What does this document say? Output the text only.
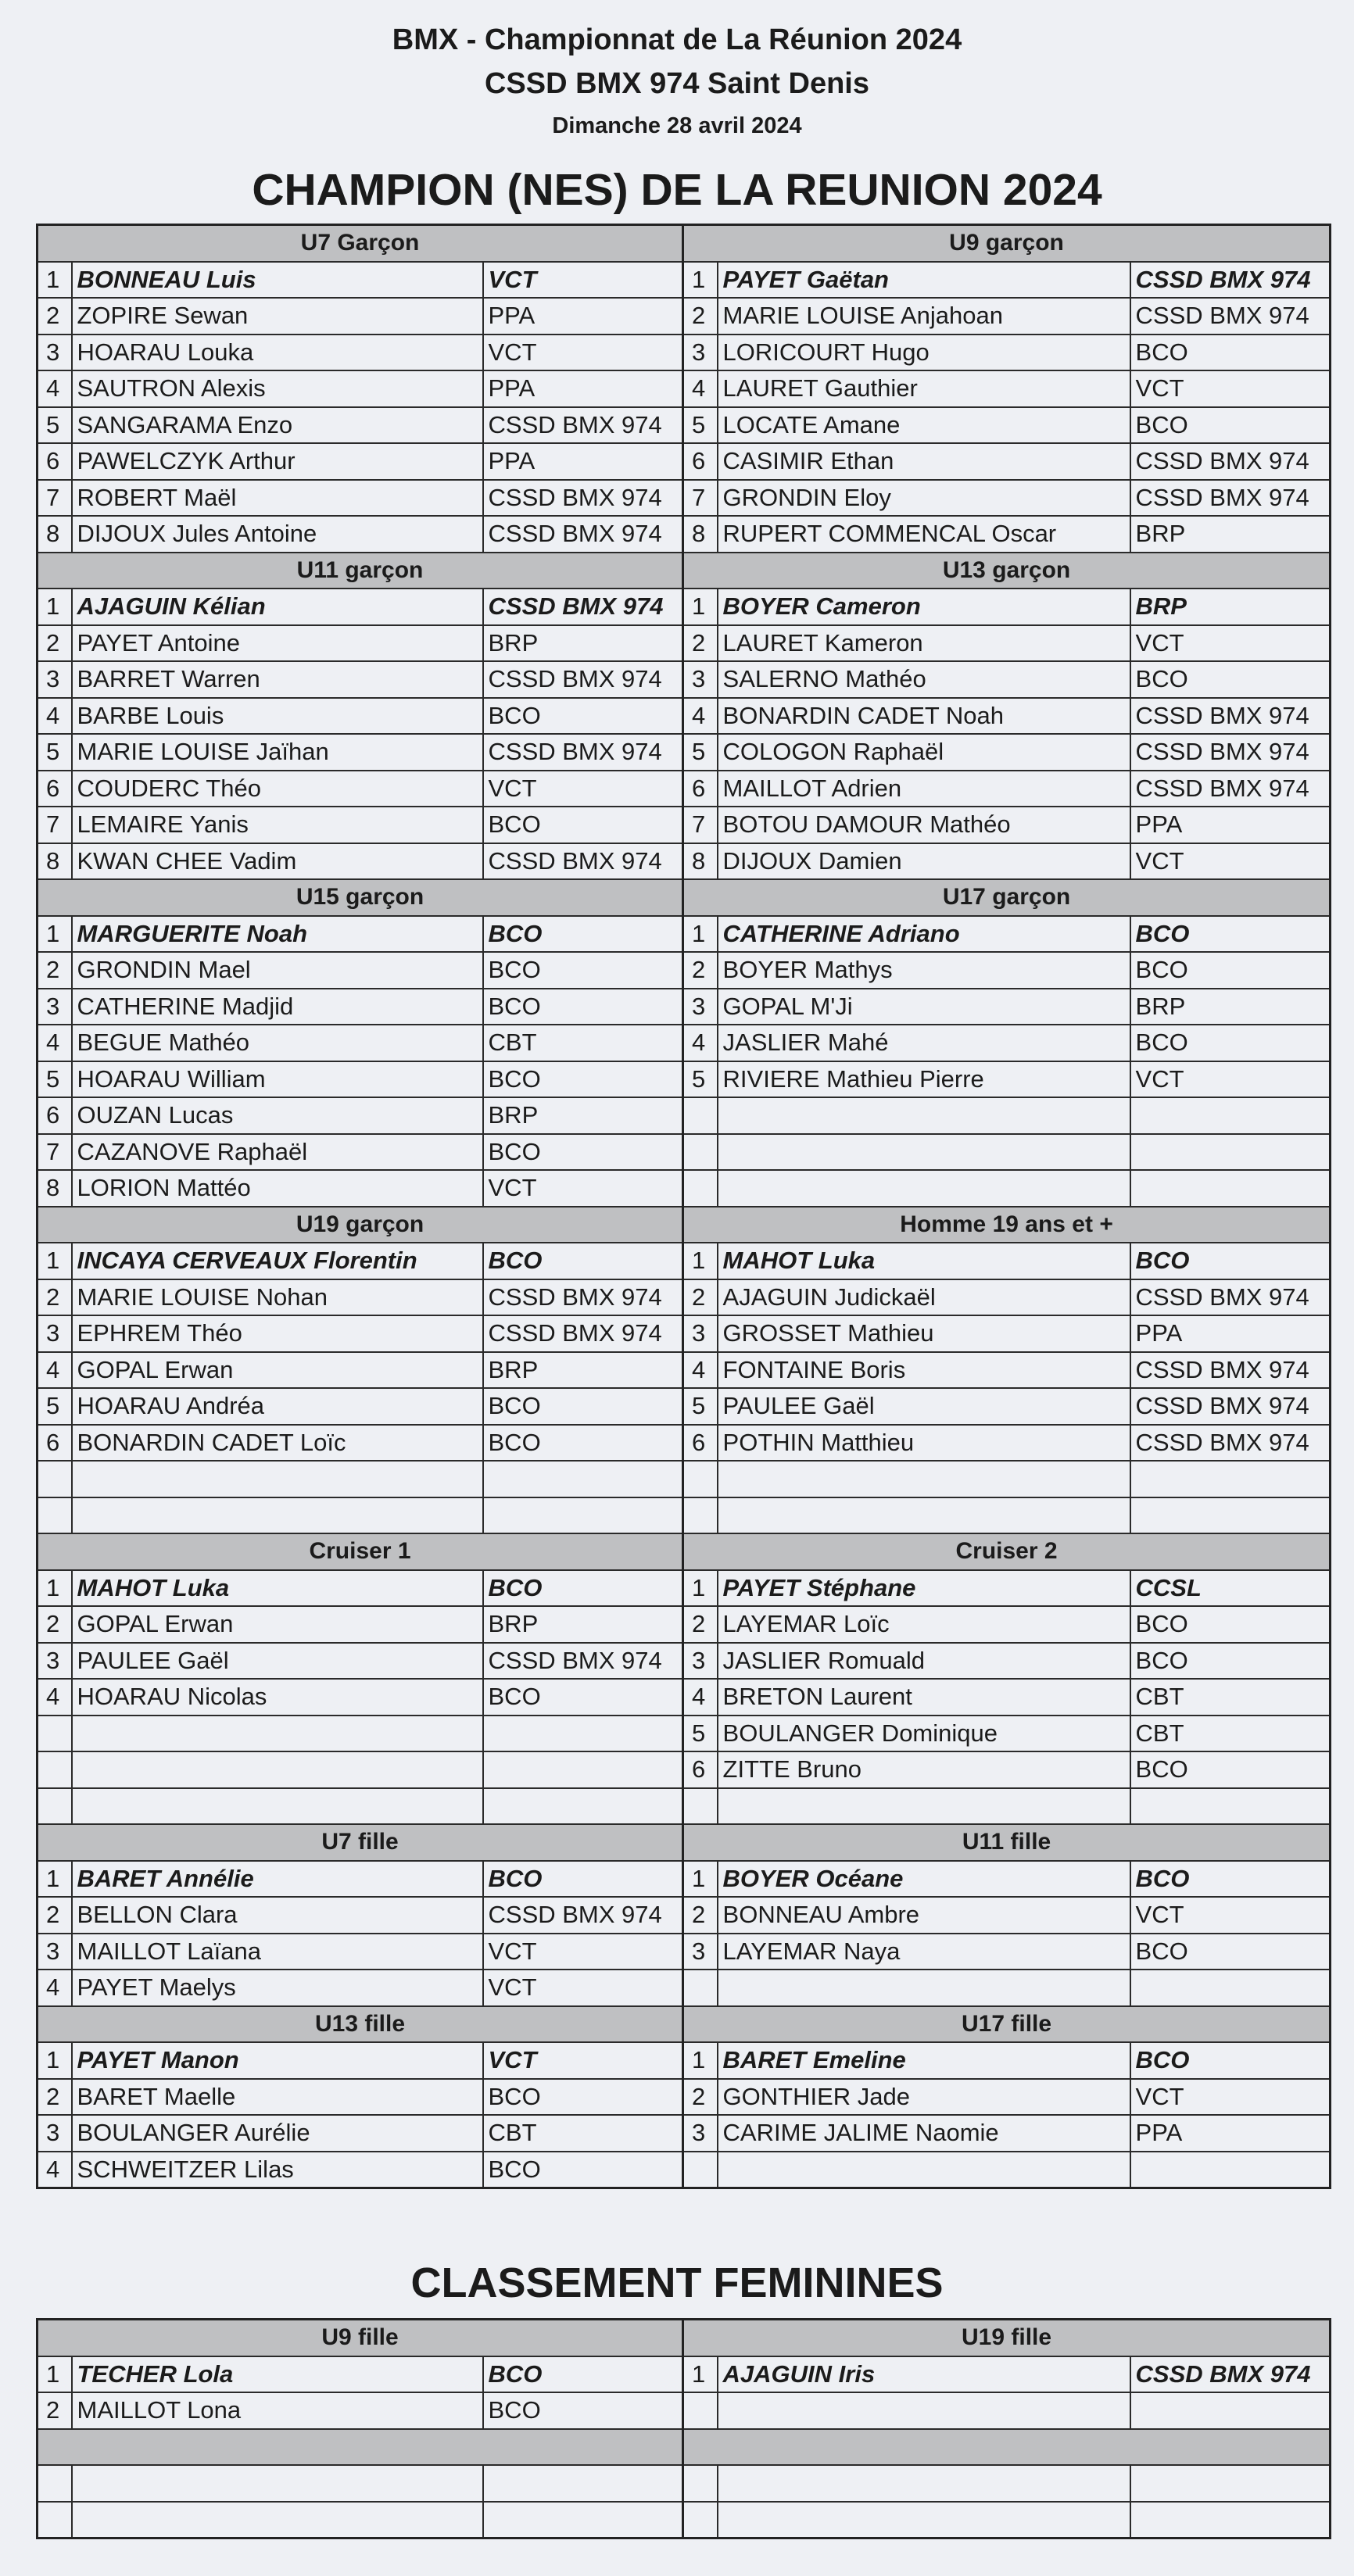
BMX - Championnat de La Réunion 2024
CSSD BMX 974 Saint Denis
Dimanche 28 avril 2024
CHAMPION (NES) DE LA REUNION 2024
U7 Garçon			U9 garçon		
1	BONNEAU Luis	VCT	1	PAYET Gaëtan	CSSD BMX 974
2	ZOPIRE Sewan	PPA	2	MARIE LOUISE Anjahoan	CSSD BMX 974
3	HOARAU Louka	VCT	3	LORICOURT Hugo	BCO
4	SAUTRON Alexis	PPA	4	LAURET Gauthier	VCT
5	SANGARAMA Enzo	CSSD BMX 974	5	LOCATE Amane	BCO
6	PAWELCZYK Arthur	PPA	6	CASIMIR Ethan	CSSD BMX 974
7	ROBERT Maël	CSSD BMX 974	7	GRONDIN Eloy	CSSD BMX 974
8	DIJOUX Jules Antoine	CSSD BMX 974	8	RUPERT COMMENCAL Oscar	BRP
U11 garçon			U13 garçon		
1	AJAGUIN Kélian	CSSD BMX 974	1	BOYER Cameron	BRP
2	PAYET Antoine	BRP	2	LAURET Kameron	VCT
3	BARRET Warren	CSSD BMX 974	3	SALERNO Mathéo	BCO
4	BARBE Louis	BCO	4	BONARDIN CADET Noah	CSSD BMX 974
5	MARIE LOUISE Jaïhan	CSSD BMX 974	5	COLOGON Raphaël	CSSD BMX 974
6	COUDERC Théo	VCT	6	MAILLOT Adrien	CSSD BMX 974
7	LEMAIRE Yanis	BCO	7	BOTOU DAMOUR Mathéo	PPA
8	KWAN CHEE Vadim	CSSD BMX 974	8	DIJOUX Damien	VCT
U15 garçon			U17 garçon		
1	MARGUERITE Noah	BCO	1	CATHERINE Adriano	BCO
2	GRONDIN Mael	BCO	2	BOYER Mathys	BCO
3	CATHERINE Madjid	BCO	3	GOPAL M'Ji	BRP
4	BEGUE Mathéo	CBT	4	JASLIER Mahé	BCO
5	HOARAU William	BCO	5	RIVIERE Mathieu Pierre	VCT
6	OUZAN Lucas	BRP			
7	CAZANOVE Raphaël	BCO			
8	LORION Mattéo	VCT			
U19 garçon			Homme 19 ans et +		
1	INCAYA CERVEAUX Florentin	BCO	1	MAHOT Luka	BCO
2	MARIE LOUISE Nohan	CSSD BMX 974	2	AJAGUIN Judickaël	CSSD BMX 974
3	EPHREM Théo	CSSD BMX 974	3	GROSSET Mathieu	PPA
4	GOPAL Erwan	BRP	4	FONTAINE Boris	CSSD BMX 974
5	HOARAU Andréa	BCO	5	PAULEE Gaël	CSSD BMX 974
6	BONARDIN CADET Loïc	BCO	6	POTHIN Matthieu	CSSD BMX 974

Cruiser 1			Cruiser 2		
1	MAHOT Luka	BCO	1	PAYET Stéphane	CCSL
2	GOPAL Erwan	BRP	2	LAYEMAR Loïc	BCO
3	PAULEE Gaël	CSSD BMX 974	3	JASLIER Romuald	BCO
4	HOARAU Nicolas	BCO	4	BRETON Laurent	CBT
			5	BOULANGER Dominique	CBT
			6	ZITTE Bruno	BCO

U7 fille			U11 fille		
1	BARET Annélie	BCO	1	BOYER Océane	BCO
2	BELLON Clara	CSSD BMX 974	2	BONNEAU Ambre	VCT
3	MAILLOT Laïana	VCT	3	LAYEMAR Naya	BCO
4	PAYET Maelys	VCT			
U13 fille			U17 fille		
1	PAYET Manon	VCT	1	BARET Emeline	BCO
2	BARET Maelle	BCO	2	GONTHIER Jade	VCT
3	BOULANGER Aurélie	CBT	3	CARIME JALIME Naomie	PPA
4	SCHWEITZER Lilas	BCO			
CLASSEMENT FEMININES
U9 fille			U19 fille		
1	TECHER Lola	BCO	1	AJAGUIN Iris	CSSD BMX 974
2	MAILLOT Lona	BCO			
